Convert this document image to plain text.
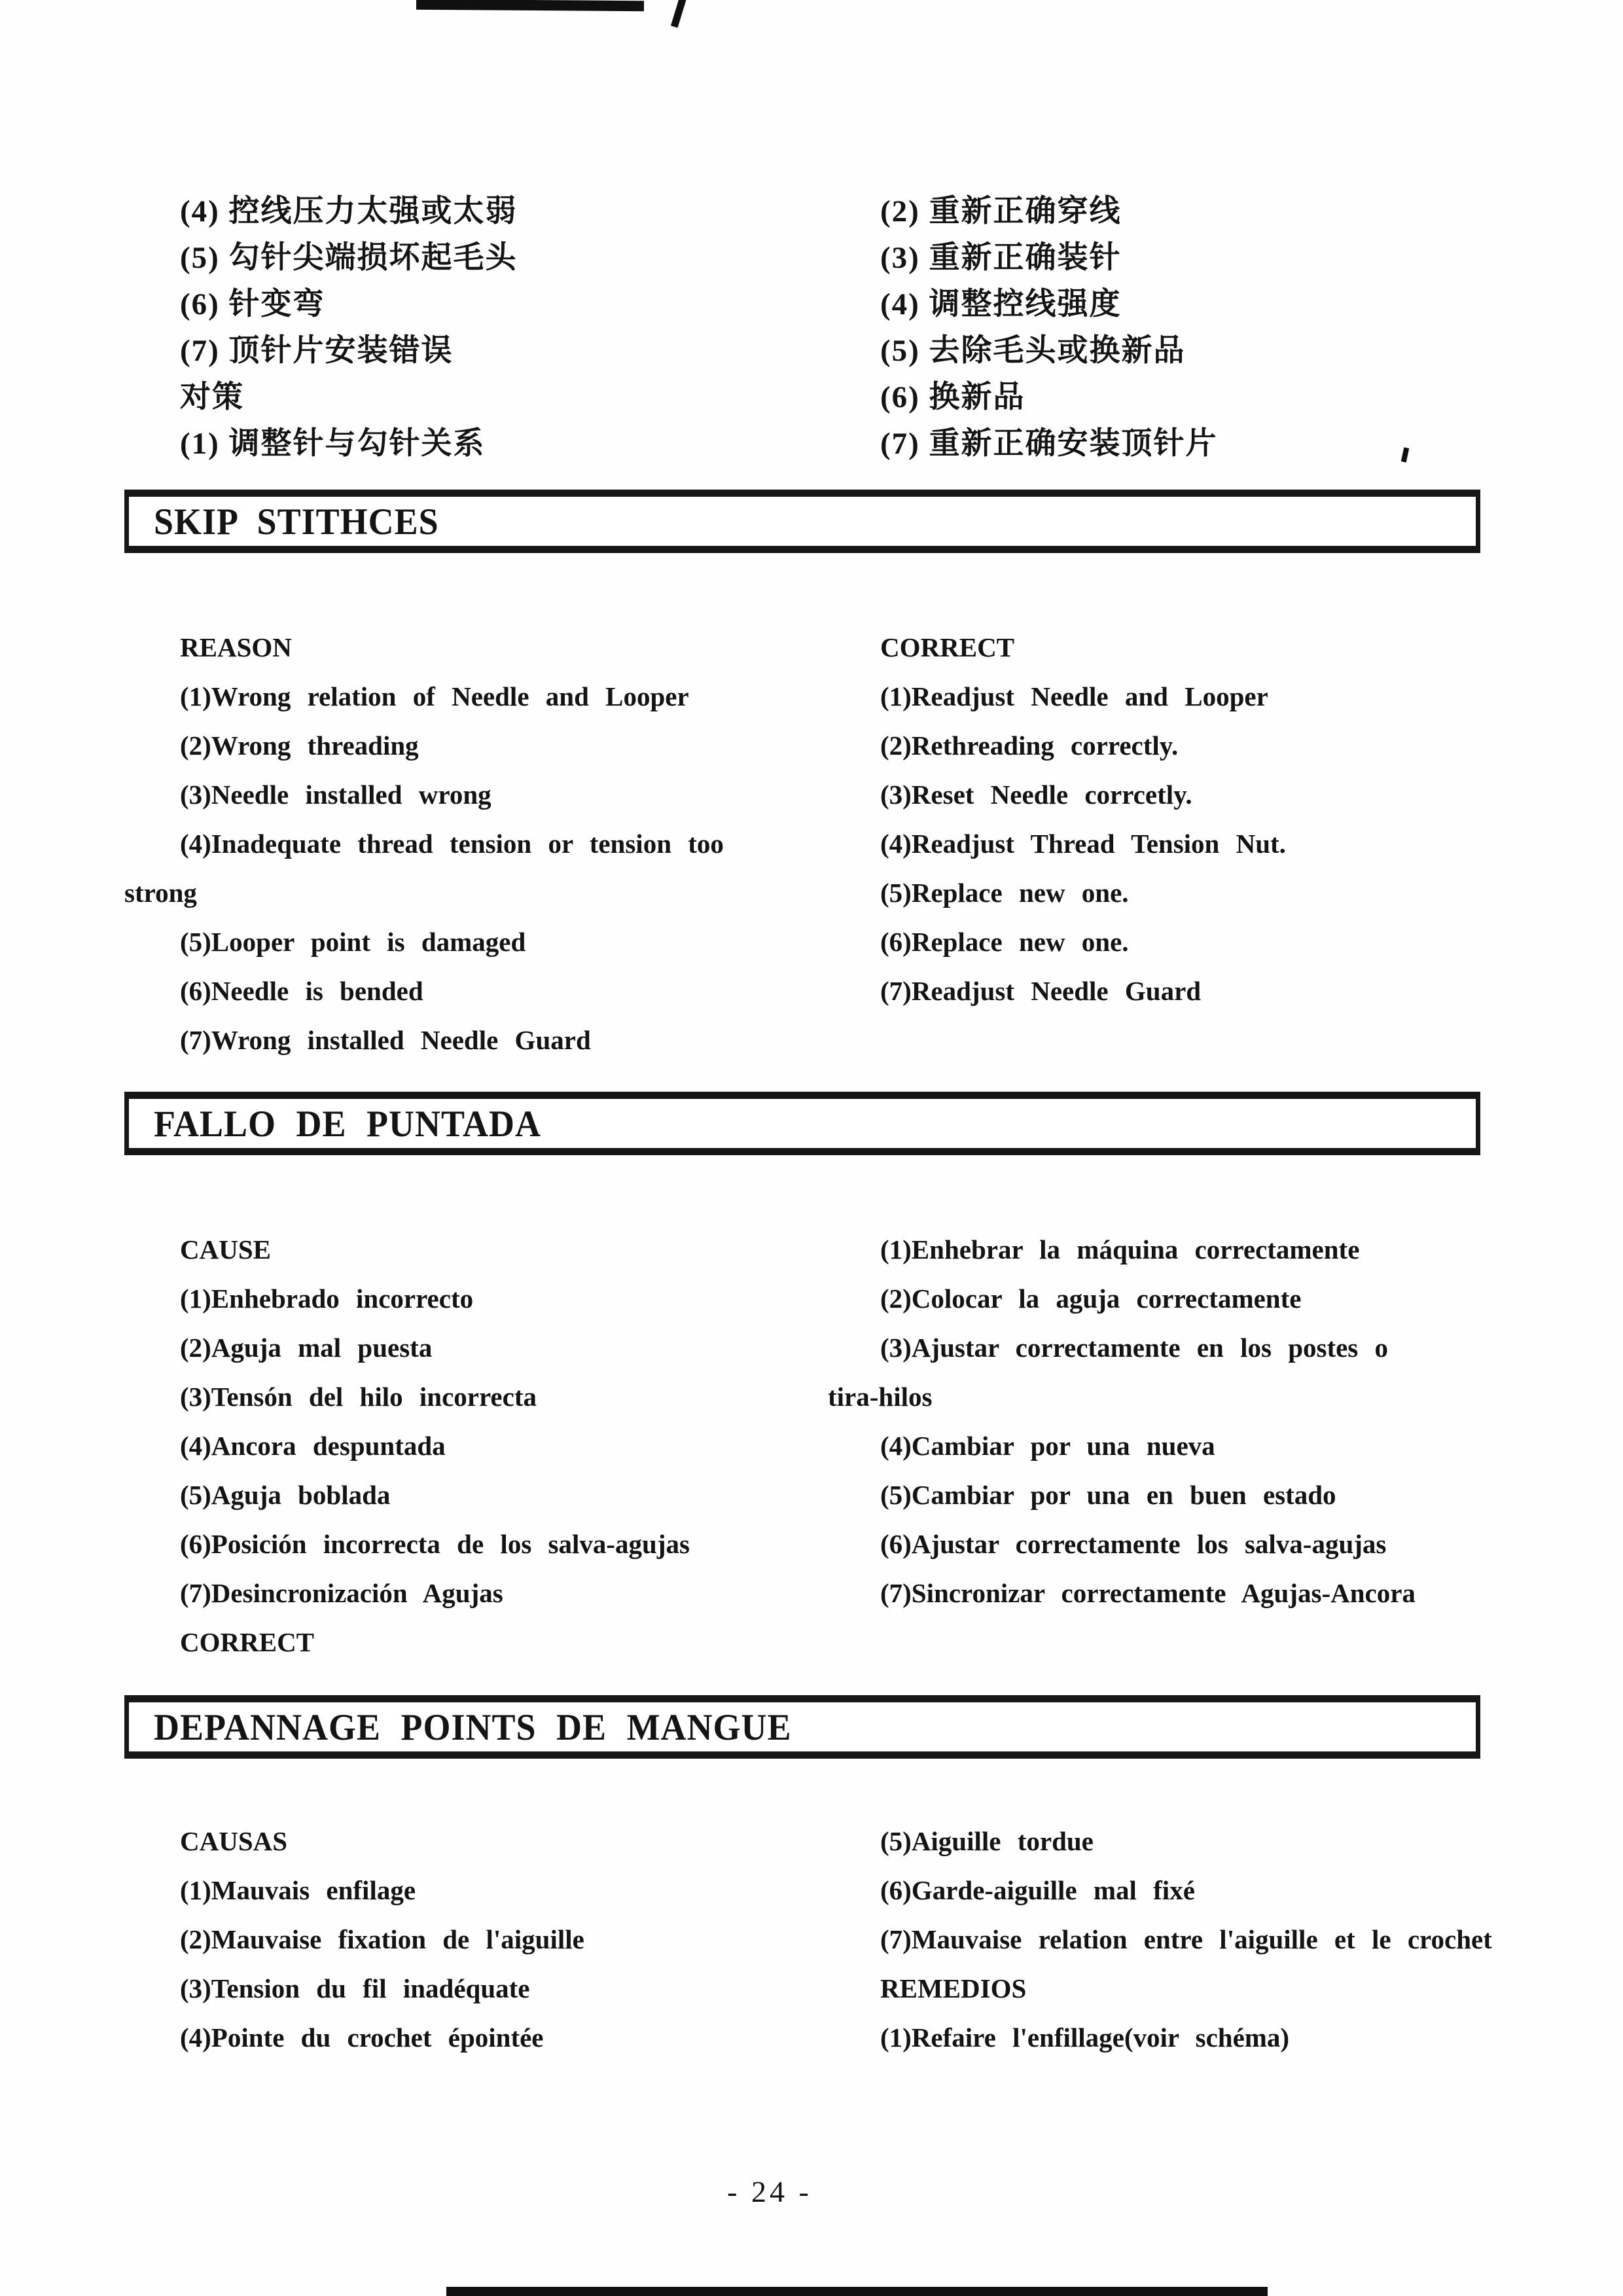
(4) 控线压力太强或太弱
(5) 勾针尖端损坏起毛头
(6) 针变弯
(7) 顶针片安装错误
对策
(1) 调整针与勾针关系
(2) 重新正确穿线
(3) 重新正确装针
(4) 调整控线强度
(5) 去除毛头或换新品
(6) 换新品
(7) 重新正确安装顶针片
SKIP STITHCES
REASON
(1)Wrong relation of Needle and Looper
(2)Wrong threading
(3)Needle installed wrong
(4)Inadequate thread tension or tension too
strong
(5)Looper point is damaged
(6)Needle is bended
(7)Wrong installed Needle Guard
CORRECT
(1)Readjust Needle and Looper
(2)Rethreading correctly.
(3)Reset Needle corrcetly.
(4)Readjust Thread Tension Nut.
(5)Replace new one.
(6)Replace new one.
(7)Readjust Needle Guard
FALLO DE PUNTADA
CAUSE
(1)Enhebrado incorrecto
(2)Aguja mal puesta
(3)Tensón del hilo incorrecta
(4)Ancora despuntada
(5)Aguja boblada
(6)Posición incorrecta de los salva-agujas
(7)Desincronización Agujas
CORRECT
(1)Enhebrar la máquina correctamente
(2)Colocar la aguja correctamente
(3)Ajustar correctamente en los postes o
tira-hilos
(4)Cambiar por una nueva
(5)Cambiar por una en buen estado
(6)Ajustar correctamente los salva-agujas
(7)Sincronizar correctamente Agujas-Ancora
DEPANNAGE POINTS DE MANGUE
CAUSAS
(1)Mauvais enfilage
(2)Mauvaise fixation de l'aiguille
(3)Tension du fil inadéquate
(4)Pointe du crochet épointée
(5)Aiguille tordue
(6)Garde-aiguille mal fixé
(7)Mauvaise relation entre l'aiguille et le crochet
REMEDIOS
(1)Refaire l'enfillage(voir schéma)
- 24 -
